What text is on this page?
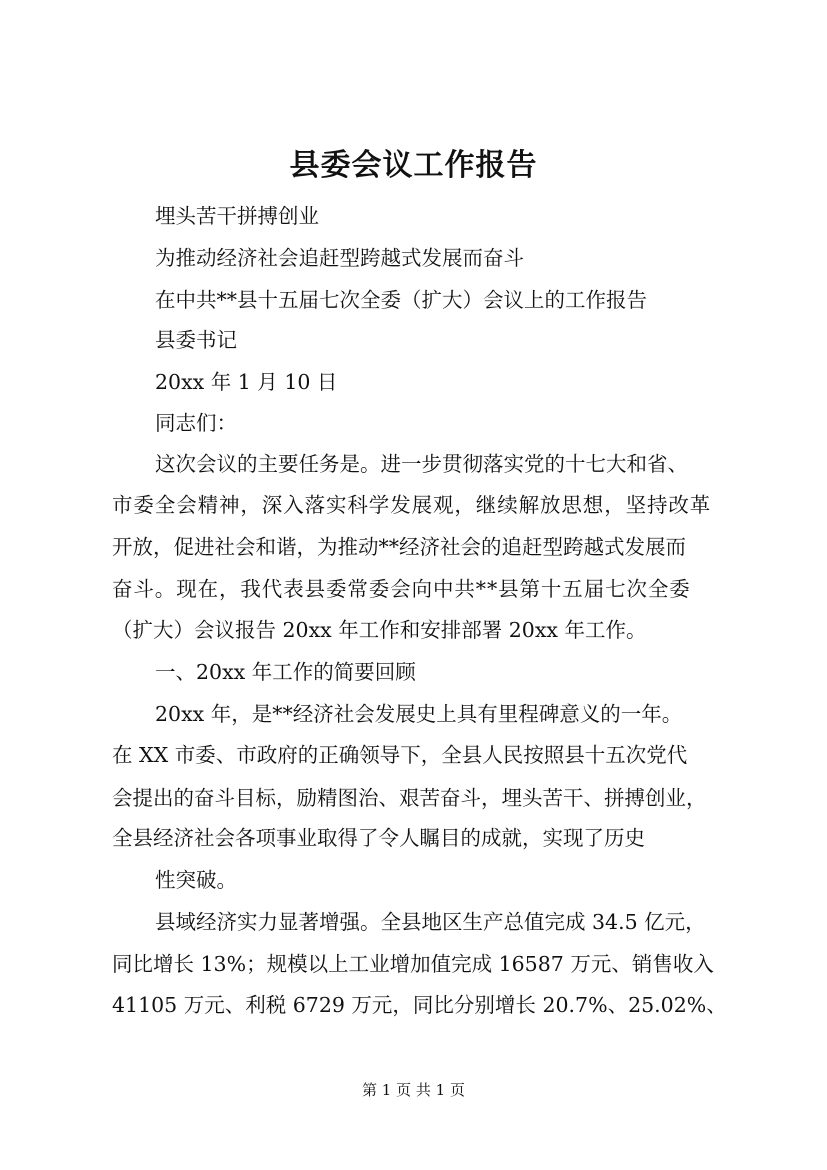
县委会议工作报告
埋头苦干拼搏创业
为推动经济社会追赶型跨越式发展而奋斗
在中共**县十五届七次全委（扩大）会议上的工作报告
县委书记
20xx 年 1 月 10 日
同志们：
这次会议的主要任务是。进一步贯彻落实党的十七大和省、
市委全会精神，深入落实科学发展观，继续解放思想，坚持改革
开放，促进社会和谐，为推动**经济社会的追赶型跨越式发展而
奋斗。现在，我代表县委常委会向中共**县第十五届七次全委
（扩大）会议报告 20xx 年工作和安排部署 20xx 年工作。
一、20xx 年工作的简要回顾
20xx 年，是**经济社会发展史上具有里程碑意义的一年。
在 XX 市委、市政府的正确领导下，全县人民按照县十五次党代
会提出的奋斗目标，励精图治、艰苦奋斗，埋头苦干、拼搏创业，
全县经济社会各项事业取得了令人瞩目的成就，实现了历史
性突破。
县域经济实力显著增强。全县地区生产总值完成 34.5 亿元，
同比增长 13%；规模以上工业增加值完成 16587 万元、销售收入
41105 万元、利税 6729 万元，同比分别增长 20.7%、25.02%、
第 1 页 共 1 页
